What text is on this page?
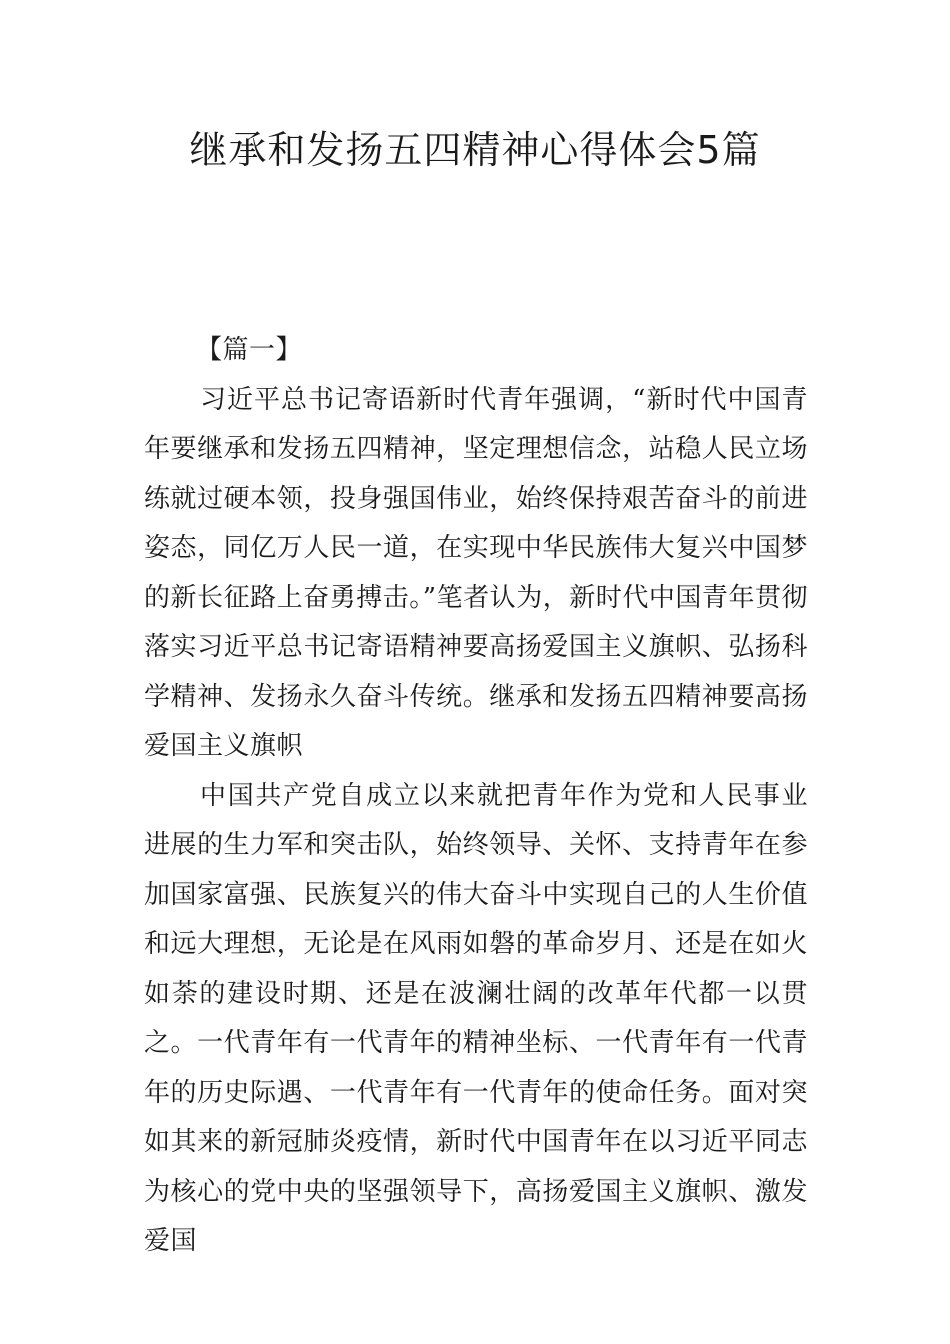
继承和发扬五四精神心得体会5篇

【篇一】

习近平总书记寄语新时代青年强调，“新时代中国青年要继承和发扬五四精神，坚定理想信念，站稳人民立场练就过硬本领，投身强国伟业，始终保持艰苦奋斗的前进姿态，同亿万人民一道，在实现中华民族伟大复兴中国梦的新长征路上奋勇搏击。”笔者认为，新时代中国青年贯彻落实习近平总书记寄语精神要高扬爱国主义旗帜、弘扬科学精神、发扬永久奋斗传统。继承和发扬五四精神要高扬爱国主义旗帜

中国共产党自成立以来就把青年作为党和人民事业进展的生力军和突击队，始终领导、关怀、支持青年在参加国家富强、民族复兴的伟大奋斗中实现自己的人生价值和远大理想，无论是在风雨如磐的革命岁月、还是在如火如荼的建设时期、还是在波澜壮阔的改革年代都一以贯之。一代青年有一代青年的精神坐标、一代青年有一代青年的历史际遇、一代青年有一代青年的使命任务。面对突如其来的新冠肺炎疫情，新时代中国青年在以习近平同志为核心的党中央的坚强领导下，高扬爱国主义旗帜、激发爱国
